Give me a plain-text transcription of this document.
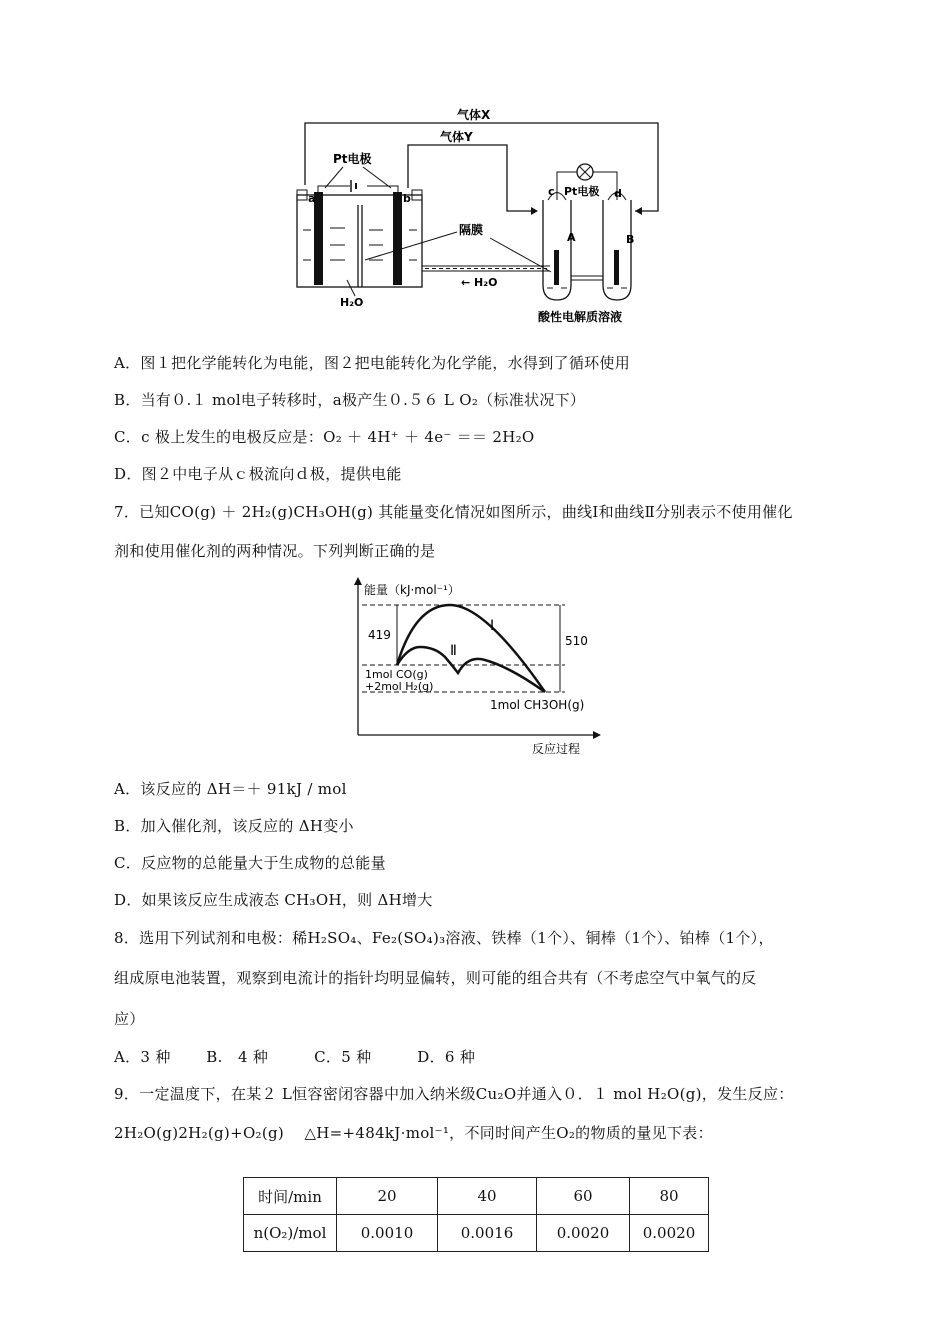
气体X
气体Y
Pt电极
a	b
隔膜
H₂O
← H₂O
c Pt电极 d
A	B
酸性电解质溶液
A．图１把化学能转化为电能，图２把电能转化为化学能，水得到了循环使用
B．当有０.１ mol电子转移时，a极产生０.５６ L O₂（标准状况下）
C．c 极上发生的电极反应是：O₂ ＋ 4H⁺ ＋ 4e⁻ ＝＝ 2H₂O
D．图２中电子从ｃ极流向ｄ极，提供电能
7．已知CO(g) ＋ 2H₂(g)CH₃OH(g) 其能量变化情况如图所示，曲线Ⅰ和曲线Ⅱ分别表示不使用催化
剂和使用催化剂的两种情况。下列判断正确的是
能量（kJ·mol⁻¹）
反应过程
419	510
Ⅰ
Ⅱ
1mol CO(g)
+2mol H₂(g)
1mol CH3OH(g)
A．该反应的 ΔH＝＋ 91kJ / mol
B．加入催化剂，该反应的 ΔH变小
C．反应物的总能量大于生成物的总能量
D．如果该反应生成液态 CH₃OH，则 ΔH增大
8．选用下列试剂和电极：稀H₂SO₄、Fe₂(SO₄)₃溶液、铁棒（1个）、铜棒（1个）、铂棒（1个），
组成原电池装置，观察到电流计的指针均明显偏转，则可能的组合共有（不考虑空气中氧气的反
应）
A．3 种　　 B.　4 种　　　C．5 种　　　D．6 种
9．一定温度下，在某２ L恒容密闭容器中加入纳米级Cu₂O并通入０．１ mol H₂O(g)，发生反应：
2H₂O(g)2H₂(g)+O₂(g)　 △H=+484kJ·mol⁻¹，不同时间产生O₂的物质的量见下表：
时间/min	20	40	60	80
n(O₂)/mol	0.0010	0.0016	0.0020	0.0020
